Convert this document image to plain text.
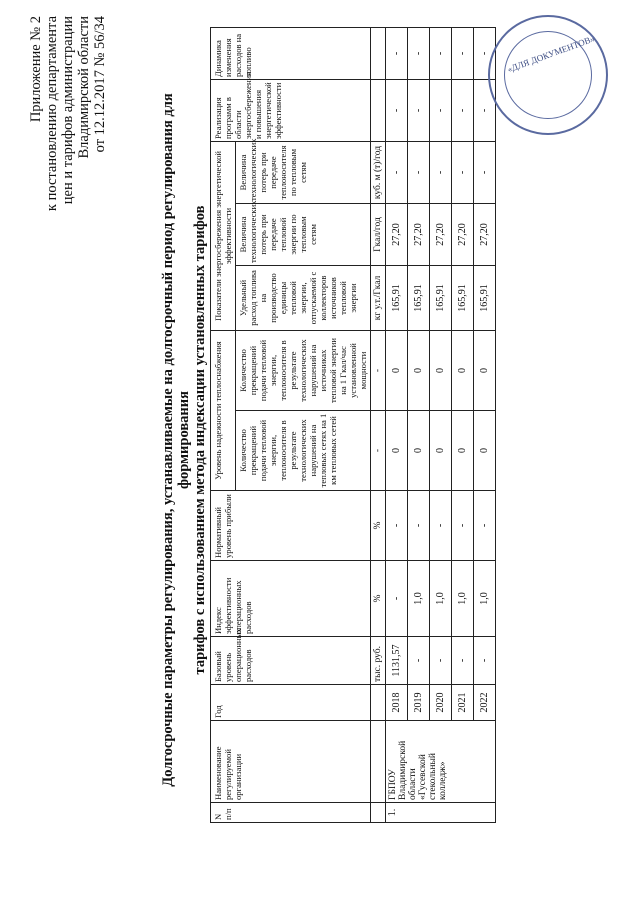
Приложение № 2 к постановлению департамента цен и тарифов администрации Владимирской области от 12.12.2017 № 56/34
Долгосрочные параметры регулирования, устанавливаемые на долгосрочный период регулирования для формирования тарифов с использованием метода индексации установленных тарифов
N п/п	Наименование регулируемой организации	Год	Базовый уровень операционных расходов	Индекс эффективности операционных расходов	Нормативный уровень прибыли	Уровень надежности теплоснабжения		Показатели энергосбережения энергетической эффективности			Реализация программ в области энергосбережения и повышения энергетической эффективности	Динамика изменения расходов на топливо
						Количество прекращений подачи тепловой энергии, теплоносителя в результате технологических нарушений на тепловых сетях на 1 км тепловых сетей	Количество прекращений подачи тепловой энергии, теплоносителя в результате технологических нарушений на источниках тепловой энергии на 1 Гкал/час установленной мощности	Удельный расход топлива на производство единицы тепловой энергии, отпускаемой с коллекторов источников тепловой энергии	Величина технологических потерь при передаче тепловой энергии по тепловым сетям	Величина технологических потерь при передаче теплоносителя по тепловым сетям		
			тыс. руб.	%	%	-	-	кг у.т./Гкал	Гкал/год	куб. м (т)/год		
1.	ГБПОУ Владимирской области «Гусевской стекольный колледж»	2018	1131,57	-	-	0	0	165,91	27,20	-	-	-
		2019	-	1,0	-	0	0	165,91	27,20	-	-	-
		2020	-	1,0	-	0	0	165,91	27,20	-	-	-
		2021	-	1,0	-	0	0	165,91	27,20	-	-	-
		2022	-	1,0	-	0	0	165,91	27,20	-	-	- «ДЛЯ ДОКУМЕНТОВ»
